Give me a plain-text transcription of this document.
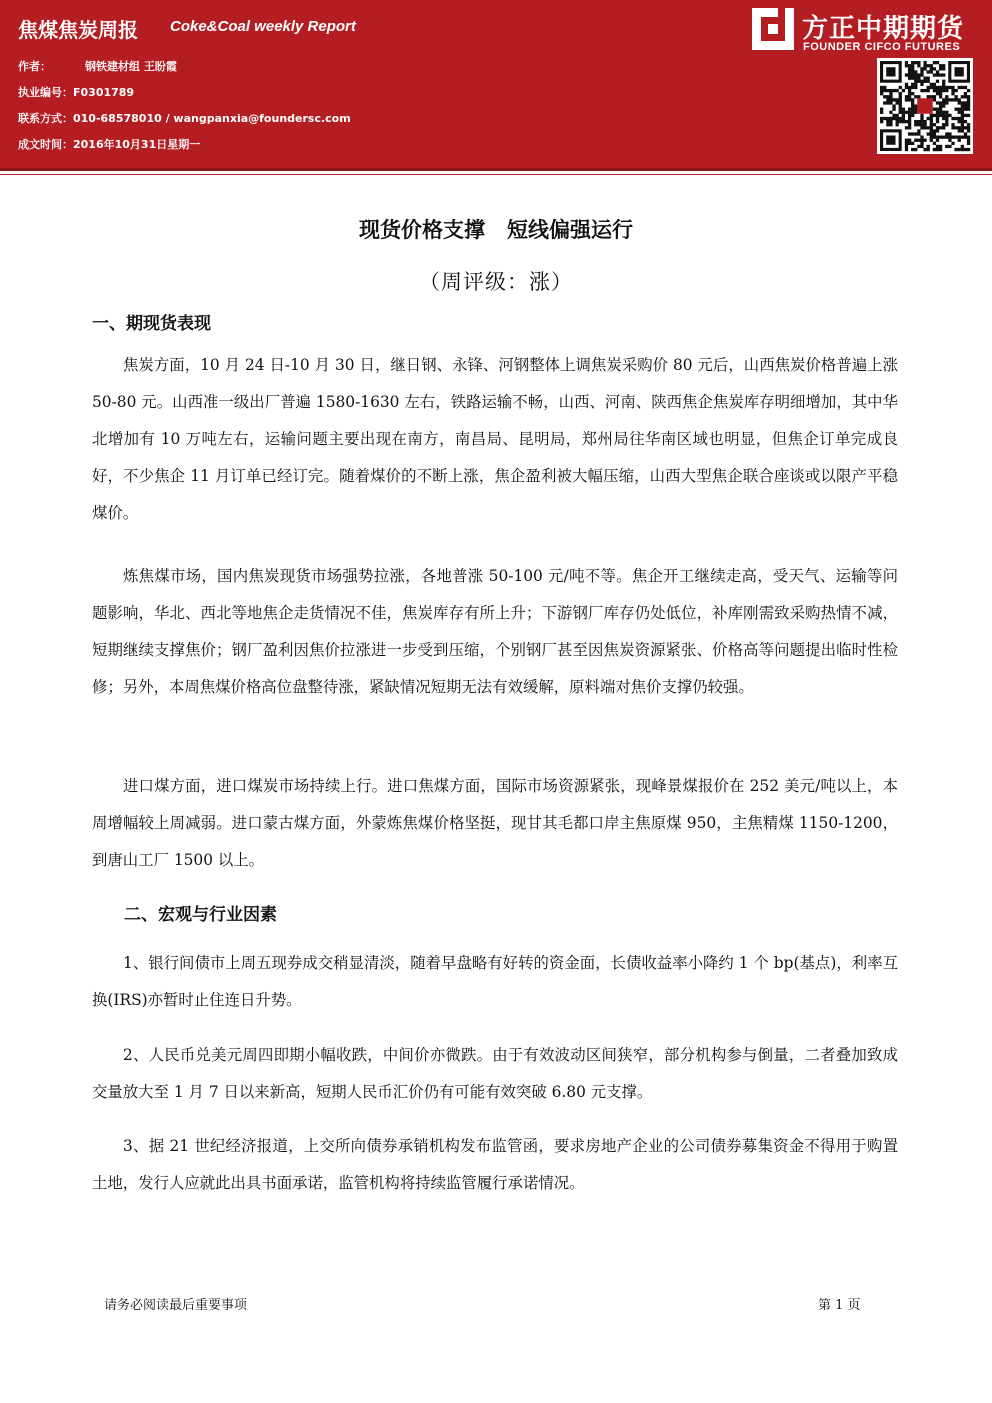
焦煤焦炭周报 Coke&Coal weekly Report
作者：	钢铁建材组 王盼霞
执业编号：F0301789
联系方式：010-68578010 / wangpanxia@foundersc.com
成文时间：2016年10月31日星期一
方正中期期货
FOUNDER CIFCO FUTURES
现货价格支撑   短线偏强运行
（周评级：涨）
一、期现货表现

焦炭方面，10 月 24 日-10 月 30 日，继日钢、永锋、河钢整体上调焦炭采购价 80 元后，山西焦炭价格普遍上涨 50-80 元。山西准一级出厂普遍 1580-1630 左右，铁路运输不畅，山西、河南、陕西焦企焦炭库存明细增加，其中华北增加有 10 万吨左右，运输问题主要出现在南方，南昌局、昆明局，郑州局往华南区域也明显，但焦企订单完成良好，不少焦企 11 月订单已经订完。随着煤价的不断上涨，焦企盈利被大幅压缩，山西大型焦企联合座谈或以限产平稳煤价。

炼焦煤市场，国内焦炭现货市场强势拉涨，各地普涨 50-100 元/吨不等。焦企开工继续走高，受天气、运输等问题影响，华北、西北等地焦企走货情况不佳，焦炭库存有所上升；下游钢厂库存仍处低位，补库刚需致采购热情不减，短期继续支撑焦价；钢厂盈利因焦价拉涨进一步受到压缩，个别钢厂甚至因焦炭资源紧张、价格高等问题提出临时性检修；另外，本周焦煤价格高位盘整待涨，紧缺情况短期无法有效缓解，原料端对焦价支撑仍较强。

进口煤方面，进口煤炭市场持续上行。进口焦煤方面，国际市场资源紧张，现峰景煤报价在 252 美元/吨以上，本周增幅较上周减弱。进口蒙古煤方面，外蒙炼焦煤价格坚挺，现甘其毛都口岸主焦原煤 950，主焦精煤 1150-1200，到唐山工厂 1500 以上。

二、宏观与行业因素

1、银行间债市上周五现券成交稍显清淡，随着早盘略有好转的资金面，长债收益率小降约 1 个 bp(基点)，利率互换(IRS)亦暂时止住连日升势。

2、人民币兑美元周四即期小幅收跌，中间价亦微跌。由于有效波动区间狭窄，部分机构参与倒量，二者叠加致成交量放大至 1 月 7 日以来新高，短期人民币汇价仍有可能有效突破 6.80 元支撑。

3、据 21 世纪经济报道，上交所向债券承销机构发布监管函，要求房地产企业的公司债券募集资金不得用于购置土地，发行人应就此出具书面承诺，监管机构将持续监管履行承诺情况。

请务必阅读最后重要事项	第 1 页
